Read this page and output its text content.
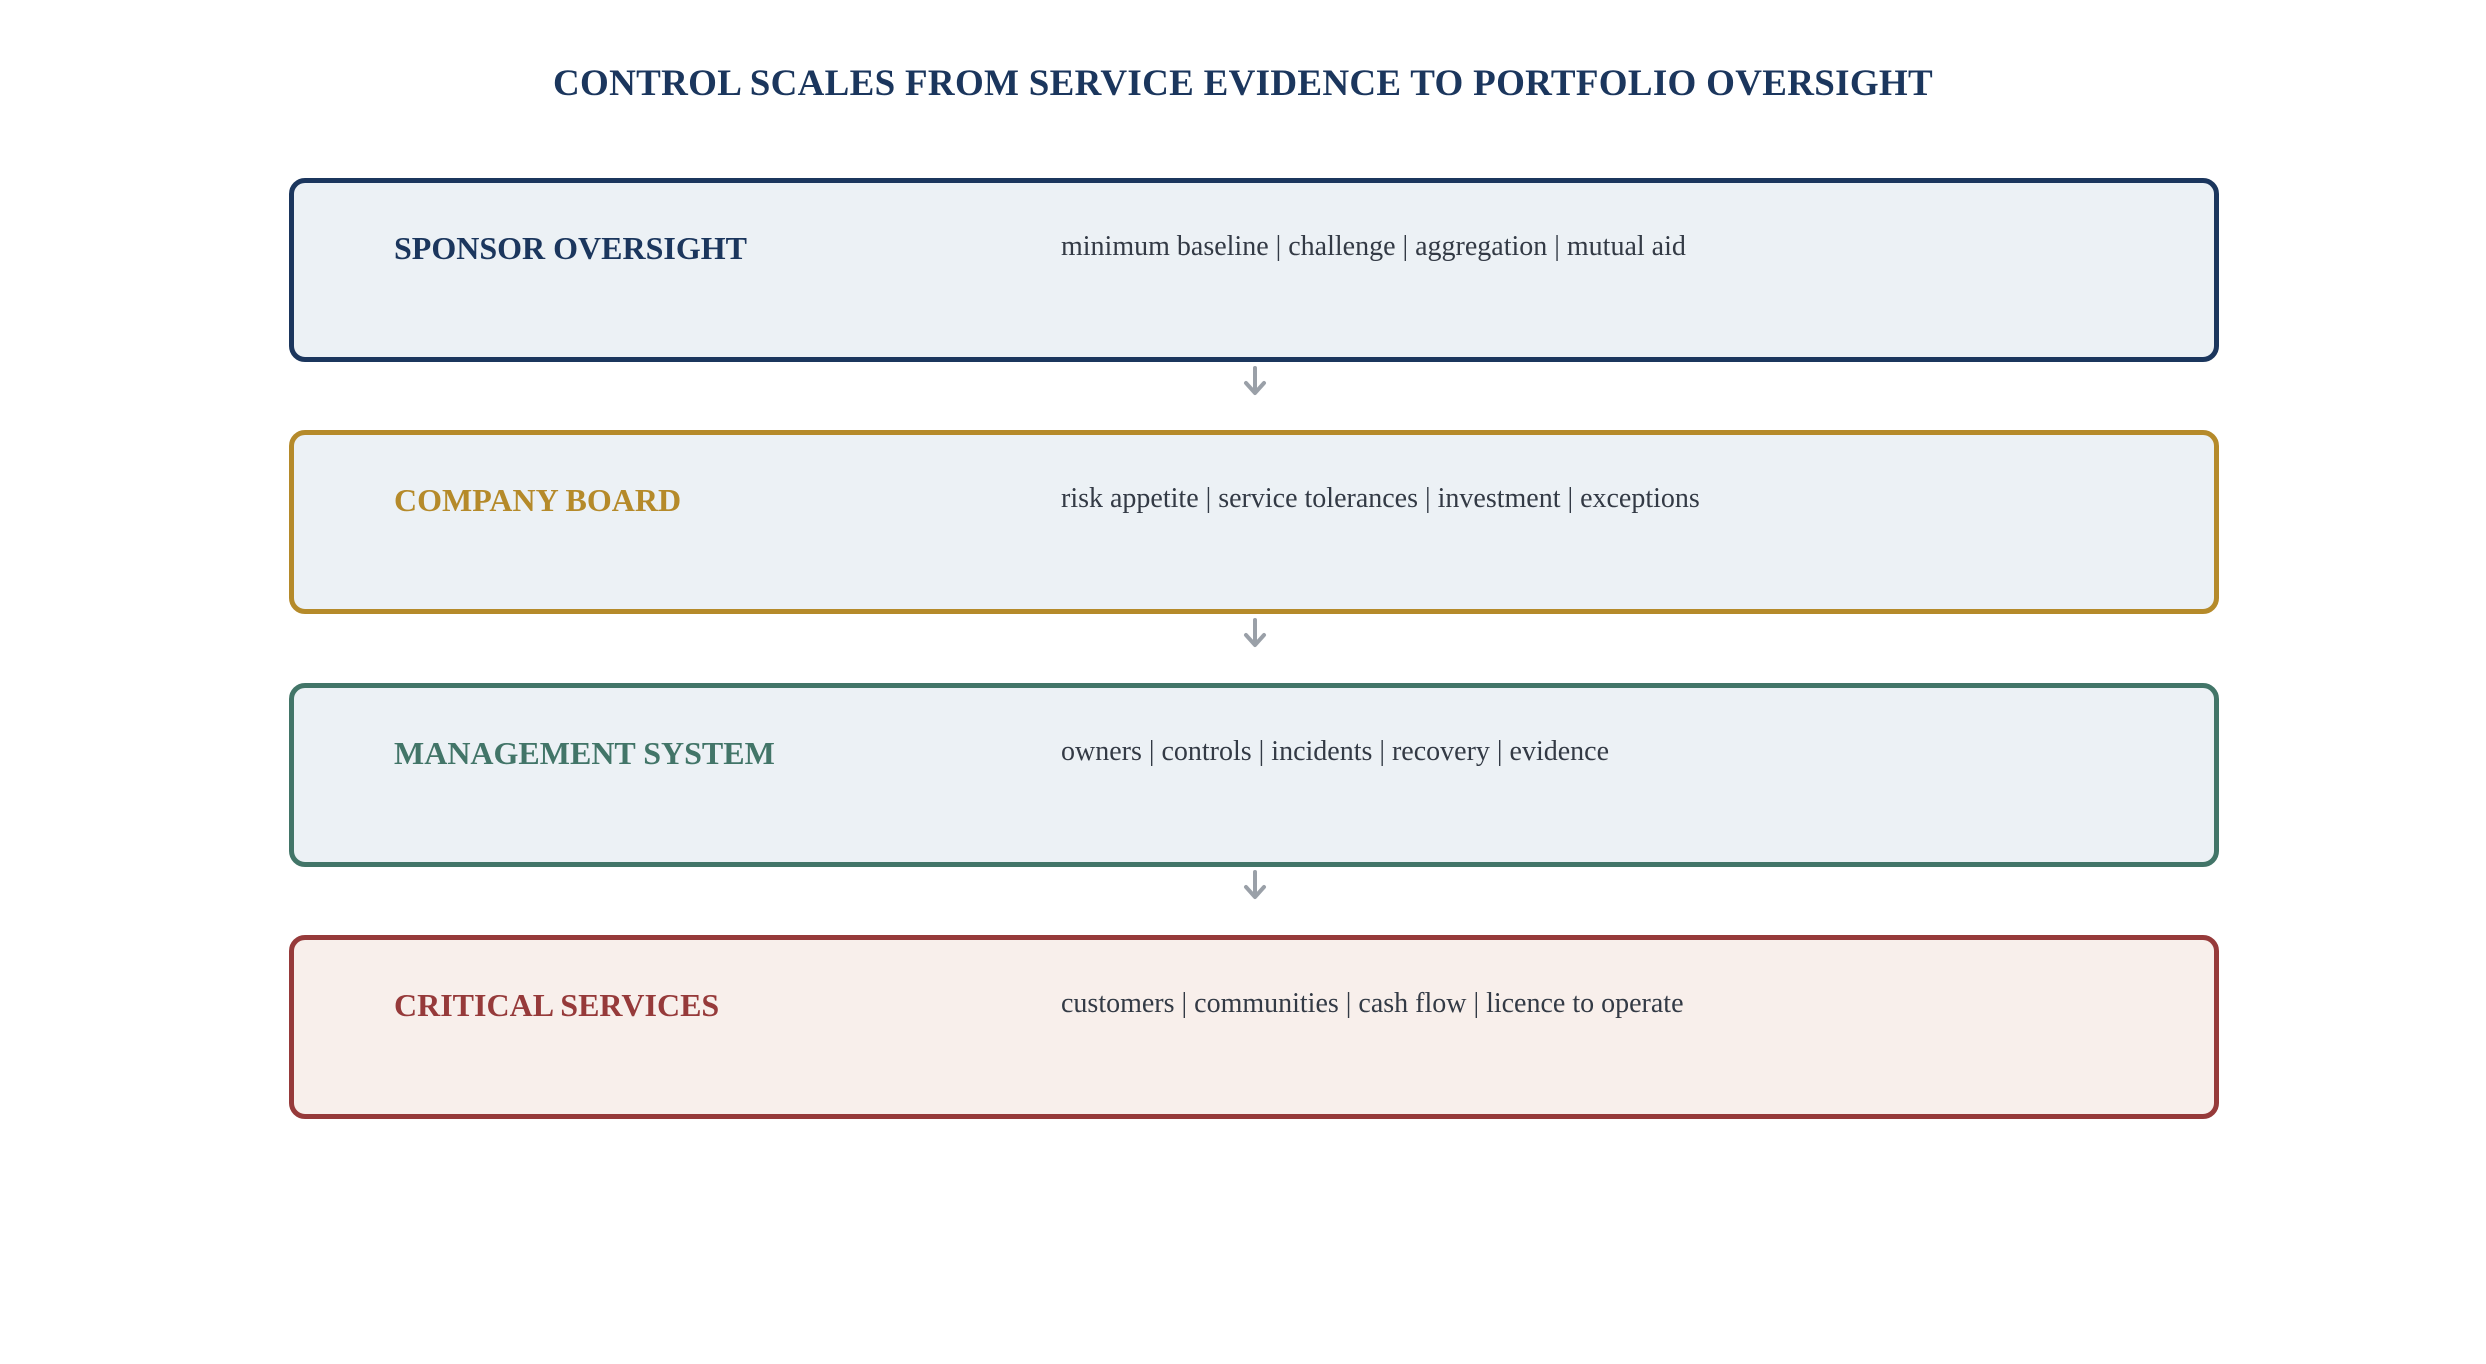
CONTROL SCALES FROM SERVICE EVIDENCE TO PORTFOLIO OVERSIGHT
SPONSOR OVERSIGHT	minimum baseline | challenge | aggregation | mutual aid
COMPANY BOARD	risk appetite | service tolerances | investment | exceptions
MANAGEMENT SYSTEM	owners | controls | incidents | recovery | evidence
CRITICAL SERVICES	customers | communities | cash flow | licence to operate
